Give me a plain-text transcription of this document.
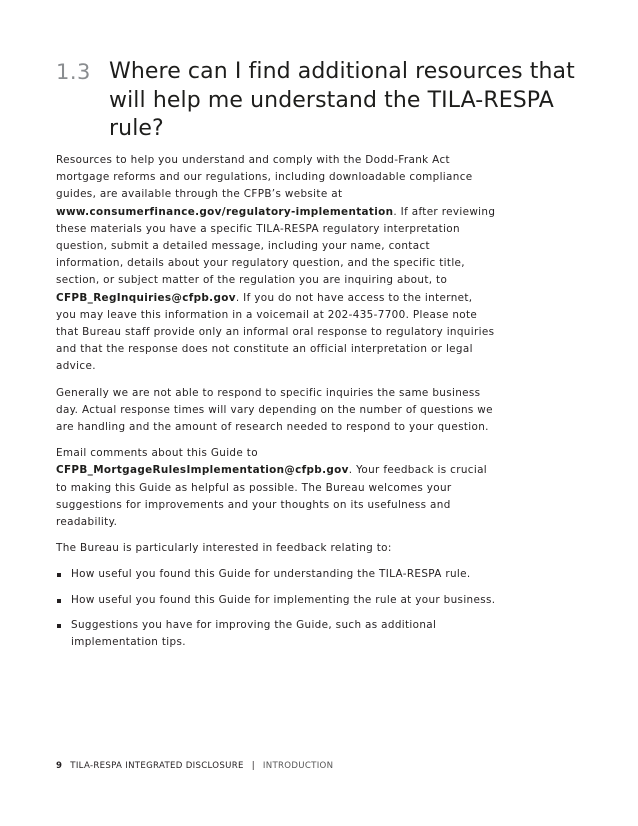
1.3 Where can I find additional resources that will help me understand the TILA-RESPA rule?

Resources to help you understand and comply with the Dodd-Frank Act mortgage reforms and our regulations, including downloadable compliance guides, are available through the CFPB’s website at www.consumerfinance.gov/regulatory-implementation. If after reviewing these materials you have a specific TILA-RESPA regulatory interpretation question, submit a detailed message, including your name, contact information, details about your regulatory question, and the specific title, section, or subject matter of the regulation you are inquiring about, to CFPB_RegInquiries@cfpb.gov. If you do not have access to the internet, you may leave this information in a voicemail at 202-435-7700. Please note that Bureau staff provide only an informal oral response to regulatory inquiries and that the response does not constitute an official interpretation or legal advice.

Generally we are not able to respond to specific inquiries the same business day. Actual response times will vary depending on the number of questions we are handling and the amount of research needed to respond to your question.

Email comments about this Guide to CFPB_MortgageRulesImplementation@cfpb.gov. Your feedback is crucial to making this Guide as helpful as possible. The Bureau welcomes your suggestions for improvements and your thoughts on its usefulness and readability.

The Bureau is particularly interested in feedback relating to:

How useful you found this Guide for understanding the TILA-RESPA rule.
How useful you found this Guide for implementing the rule at your business.
Suggestions you have for improving the Guide, such as additional implementation tips.
9 TILA-RESPA INTEGRATED DISCLOSURE | INTRODUCTION
